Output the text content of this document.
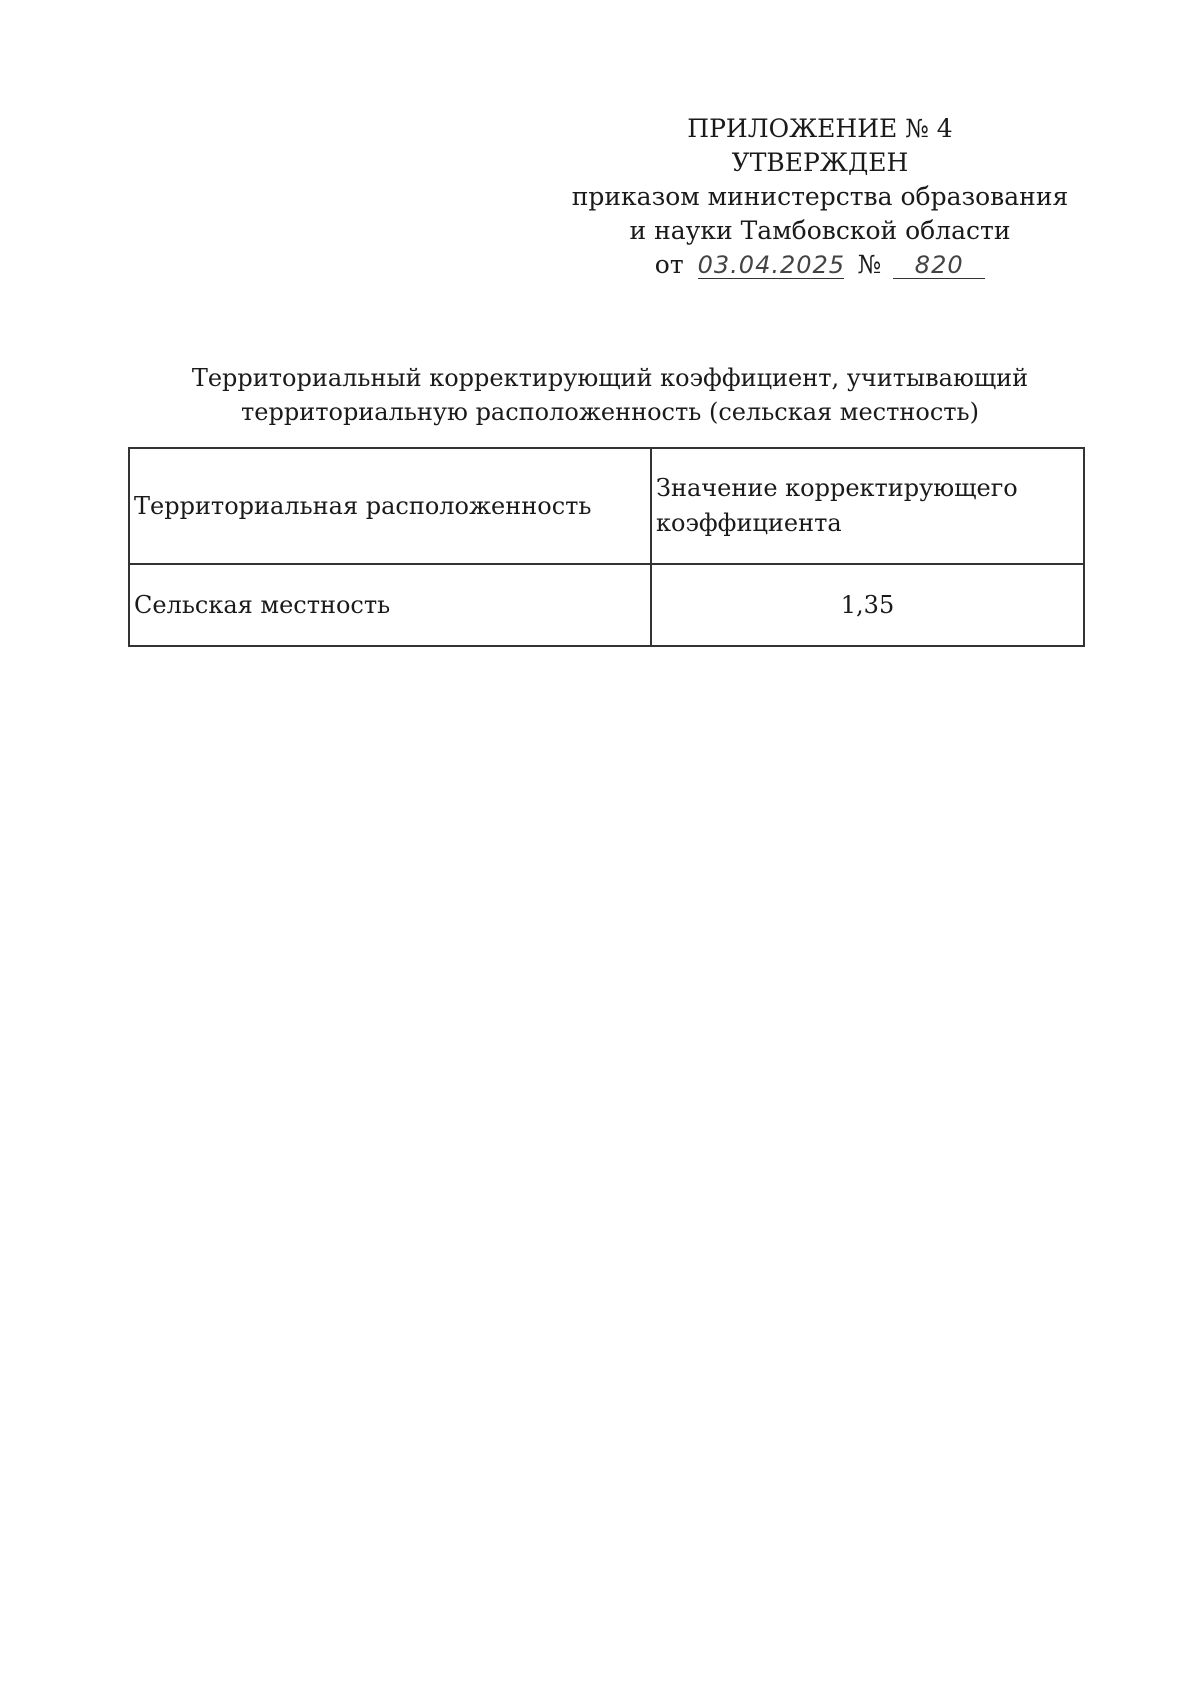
ПРИЛОЖЕНИЕ № 4
УТВЕРЖДЕН
приказом министерства образования
и науки Тамбовской области
от 03.04.2025 № 820
Территориальный корректирующий коэффициент, учитывающий
территориальную расположенность (сельская местность)
Территориальная расположенность	Значение корректирующего коэффициента
Сельская местность	1,35
